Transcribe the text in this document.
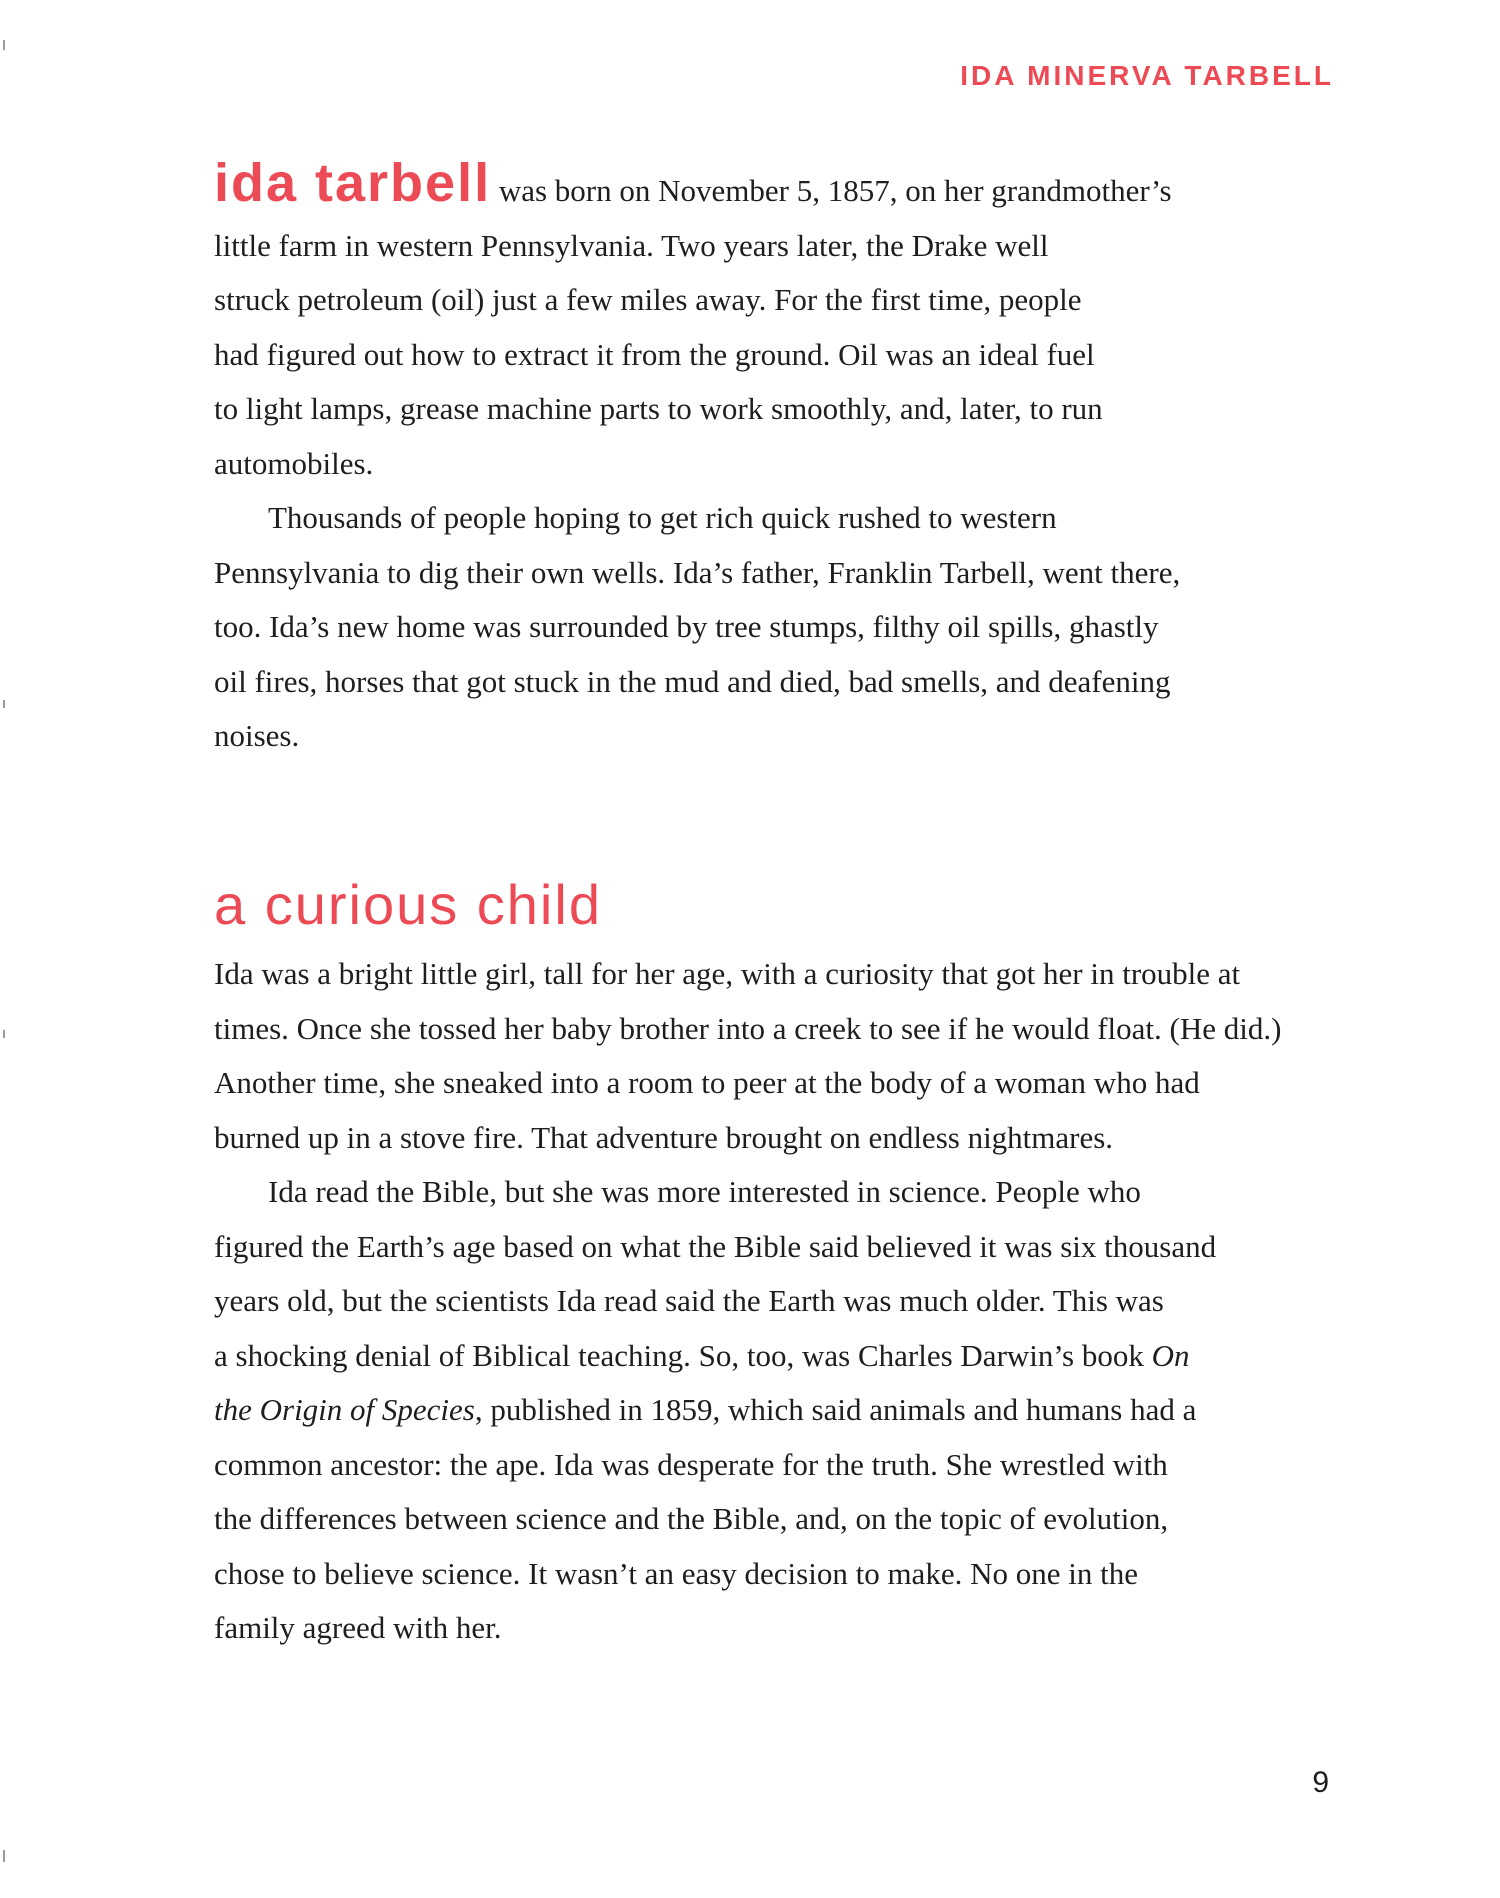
IDA MINERVA TARBELL

ida tarbell was born on November 5, 1857, on her grandmother’s
little farm in western Pennsylvania. Two years later, the Drake well
struck petroleum (oil) just a few miles away. For the first time, people
had figured out how to extract it from the ground. Oil was an ideal fuel
to light lamps, grease machine parts to work smoothly, and, later, to run
automobiles.

Thousands of people hoping to get rich quick rushed to western
Pennsylvania to dig their own wells. Ida’s father, Franklin Tarbell, went there,
too. Ida’s new home was surrounded by tree stumps, filthy oil spills, ghastly
oil fires, horses that got stuck in the mud and died, bad smells, and deafening
noises.

a curious child

Ida was a bright little girl, tall for her age, with a curiosity that got her in trouble at
times. Once she tossed her baby brother into a creek to see if he would float. (He did.)
Another time, she sneaked into a room to peer at the body of a woman who had
burned up in a stove fire. That adventure brought on endless nightmares.

Ida read the Bible, but she was more interested in science. People who
figured the Earth’s age based on what the Bible said believed it was six thousand
years old, but the scientists Ida read said the Earth was much older. This was
a shocking denial of Biblical teaching. So, too, was Charles Darwin’s book On
the Origin of Species, published in 1859, which said animals and humans had a
common ancestor: the ape. Ida was desperate for the truth. She wrestled with
the differences between science and the Bible, and, on the topic of evolution,
chose to believe science. It wasn’t an easy decision to make. No one in the
family agreed with her.

9
